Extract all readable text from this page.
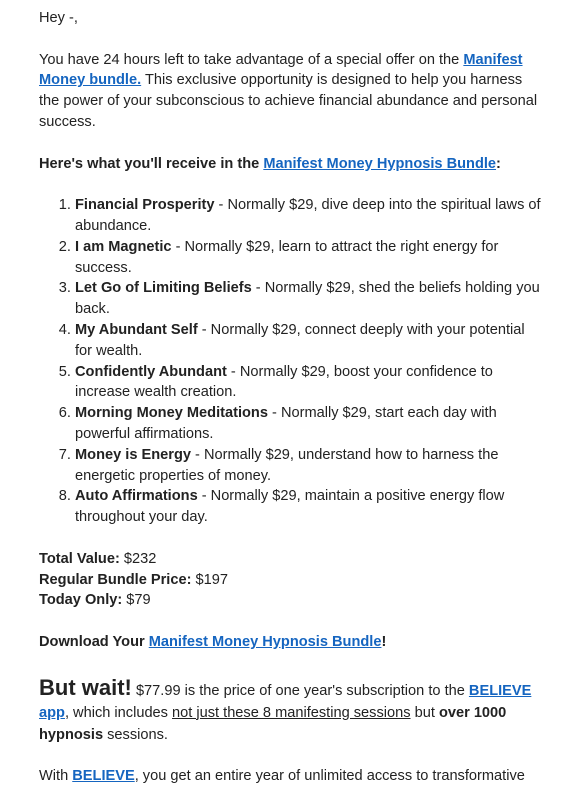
Hey -,

You have 24 hours left to take advantage of a special offer on the Manifest Money bundle. This exclusive opportunity is designed to help you harness the power of your subconscious to achieve financial abundance and personal success.

Here's what you'll receive in the Manifest Money Hypnosis Bundle:

1. Financial Prosperity - Normally $29, dive deep into the spiritual laws of abundance.
2. I am Magnetic - Normally $29, learn to attract the right energy for success.
3. Let Go of Limiting Beliefs - Normally $29, shed the beliefs holding you back.
4. My Abundant Self - Normally $29, connect deeply with your potential for wealth.
5. Confidently Abundant - Normally $29, boost your confidence to increase wealth creation.
6. Morning Money Meditations - Normally $29, start each day with powerful affirmations.
7. Money is Energy - Normally $29, understand how to harness the energetic properties of money.
8. Auto Affirmations - Normally $29, maintain a positive energy flow throughout your day.
Total Value: $232
Regular Bundle Price: $197
Today Only: $79

Download Your Manifest Money Hypnosis Bundle!

But wait! $77.99 is the price of one year's subscription to the BELIEVE app, which includes not just these 8 manifesting sessions but over 1000 hypnosis sessions.

With BELIEVE, you get an entire year of unlimited access to transformative
